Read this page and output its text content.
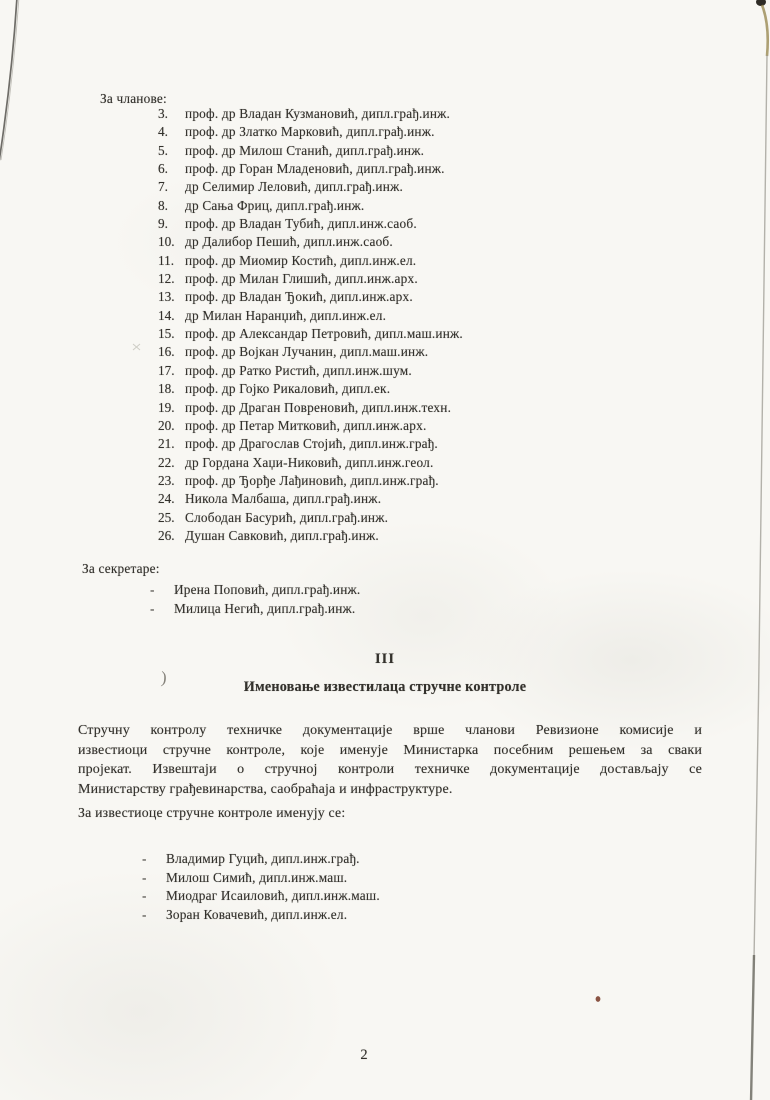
За чланове:
3.	проф. др Владан Кузмановић, дипл.грађ.инж.
4.	проф. др Златко Марковић, дипл.грађ.инж.
5.	проф. др Милош Станић, дипл.грађ.инж.
6.	проф. др Горан Младеновић, дипл.грађ.инж.
7.	др Селимир Леловић, дипл.грађ.инж.
8.	др Сања Фриц, дипл.грађ.инж.
9.	проф. др Владан Тубић, дипл.инж.саоб.
10. др Далибор Пешић, дипл.инж.саоб.
11. проф. др Миомир Костић, дипл.инж.ел.
12. проф. др Милан Глишић, дипл.инж.арх.
13. проф. др Владан Ђокић, дипл.инж.арх.
14. др Милан Наранџић, дипл.инж.ел.
15. проф. др Александар Петровић, дипл.маш.инж.
16. проф. др Војкан Лучанин, дипл.маш.инж.
17. проф. др Ратко Ристић, дипл.инж.шум.
18. проф. др Гојко Рикаловић, дипл.ек.
19. проф. др Драган Повреновић, дипл.инж.техн.
20. проф. др Петар Митковић, дипл.инж.арх.
21. проф. др Драгослав Стојић, дипл.инж.грађ.
22. др Гордана Хаџи-Никовић, дипл.инж.геол.
23. проф. др Ђорђе Лађиновић, дипл.инж.грађ.
24. Никола Малбаша, дипл.грађ.инж.
25. Слободан Басурић, дипл.грађ.инж.
26. Душан Савковић, дипл.грађ.инж.
За секретаре:
-	Ирена Поповић, дипл.грађ.инж.
-	Милица Негић, дипл.грађ.инж.
III
Именовање известилаца стручне контроле
Стручну контролу техничке документације врше чланови Ревизионе комисије и
известиоци стручне контроле, које именује Министарка посебним решењем за сваки
пројекат. Извештаји о стручној контроли техничке документације достављају се
Министарству грађевинарства, саобраћаја и инфраструктуре.
За известиоце стручне контроле именују се:
-	Владимир Гуцић, дипл.инж.грађ.
-	Милош Симић, дипл.инж.маш.
-	Миодраг Исаиловић, дипл.инж.маш.
-	Зоран Ковачевић, дипл.инж.ел.
2
)
